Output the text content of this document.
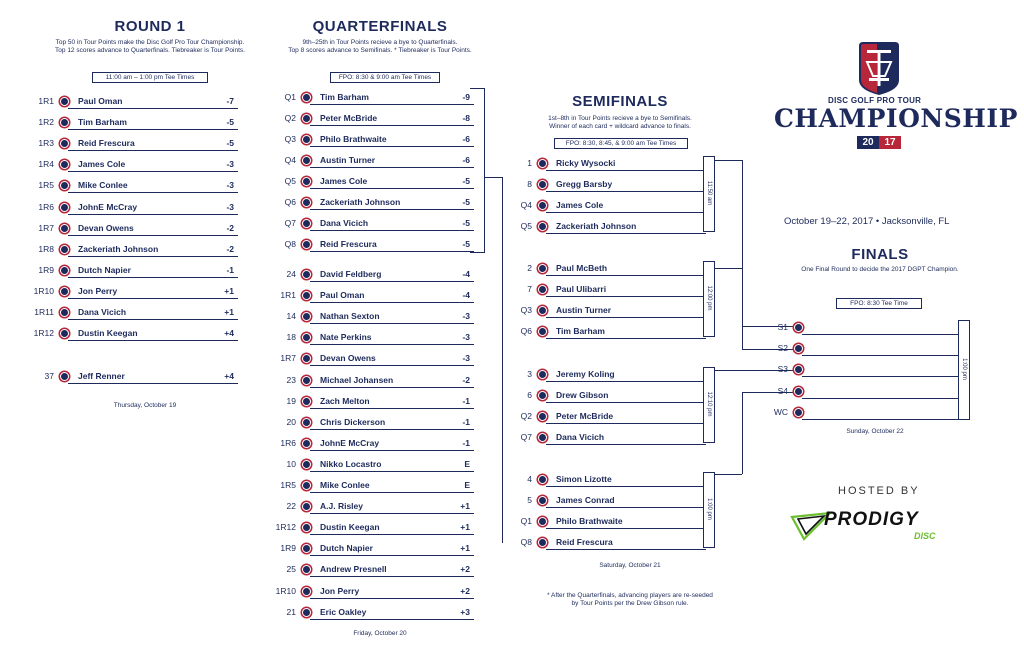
ROUND 1
Top 50 in Tour Points make the Disc Golf Pro Tour Championship.
Top 12 scores advance to Quarterfinals. Tiebreaker is Tour Points.
11:00 am – 1:00 pm Tee Times
1R1	Paul Oman	-7
1R2	Tim Barham	-5
1R3	Reid Frescura	-5
1R4	James Cole	-3
1R5	Mike Conlee	-3
1R6	JohnE McCray	-3
1R7	Devan Owens	-2
1R8	Zackeriath Johnson	-2
1R9	Dutch Napier	-1
1R10	Jon Perry	+1
1R11	Dana Vicich	+1
1R12	Dustin Keegan	+4
37	Jeff Renner	+4
Thursday, October 19
QUARTERFINALS
9th–25th in Tour Points recieve a bye to Quarterfinals.
Top 8 scores advance to Semifinals. * Tiebreaker is Tour Points.
FPO: 8:30 & 9:00 am Tee Times
Q1	Tim Barham	-9
Q2	Peter McBride	-8
Q3	Philo Brathwaite	-6
Q4	Austin Turner	-6
Q5	James Cole	-5
Q6	Zackeriath Johnson	-5
Q7	Dana Vicich	-5
Q8	Reid Frescura	-5
24	David Feldberg	-4
1R1	Paul Oman	-4
14	Nathan Sexton	-3
18	Nate Perkins	-3
1R7	Devan Owens	-3
23	Michael Johansen	-2
19	Zach Melton	-1
20	Chris Dickerson	-1
1R6	JohnE McCray	-1
10	Nikko Locastro	E
1R5	Mike Conlee	E
22	A.J. Risley	+1
1R12	Dustin Keegan	+1
1R9	Dutch Napier	+1
25	Andrew Presnell	+2
1R10	Jon Perry	+2
21	Eric Oakley	+3
Friday, October 20
SEMIFINALS
1st–8th in Tour Points recieve a bye to Semifinals.
Winner of each card + wildcard advance to finals.
FPO: 8:30, 8:45, & 9:00 am Tee Times
1	Ricky Wysocki
8	Gregg Barsby
Q4	James Cole
Q5	Zackeriath Johnson
11:50 am
2	Paul McBeth
7	Paul Ulibarri
Q3	Austin Turner
Q6	Tim Barham
12:00 pm
3	Jeremy Koling
6	Drew Gibson
Q2	Peter McBride
Q7	Dana Vicich
12:10 pm
4	Simon Lizotte
5	James Conrad
Q1	Philo Brathwaite
Q8	Reid Frescura
1:00 pm
Saturday, October 21
* After the Quarterfinals, advancing players are re-seeded
by Tour Points per the Drew Gibson rule.
DISC GOLF PRO TOUR
CHAMPIONSHIP
20	17
October 19–22, 2017 • Jacksonville, FL
FINALS
One Final Round to decide the 2017 DGPT Champion.
FPO: 8:30 Tee Time
S1
S2
S3
S4
WC
1:00 pm
Sunday, October 22
HOSTED BY
PRODIGY
DISC
